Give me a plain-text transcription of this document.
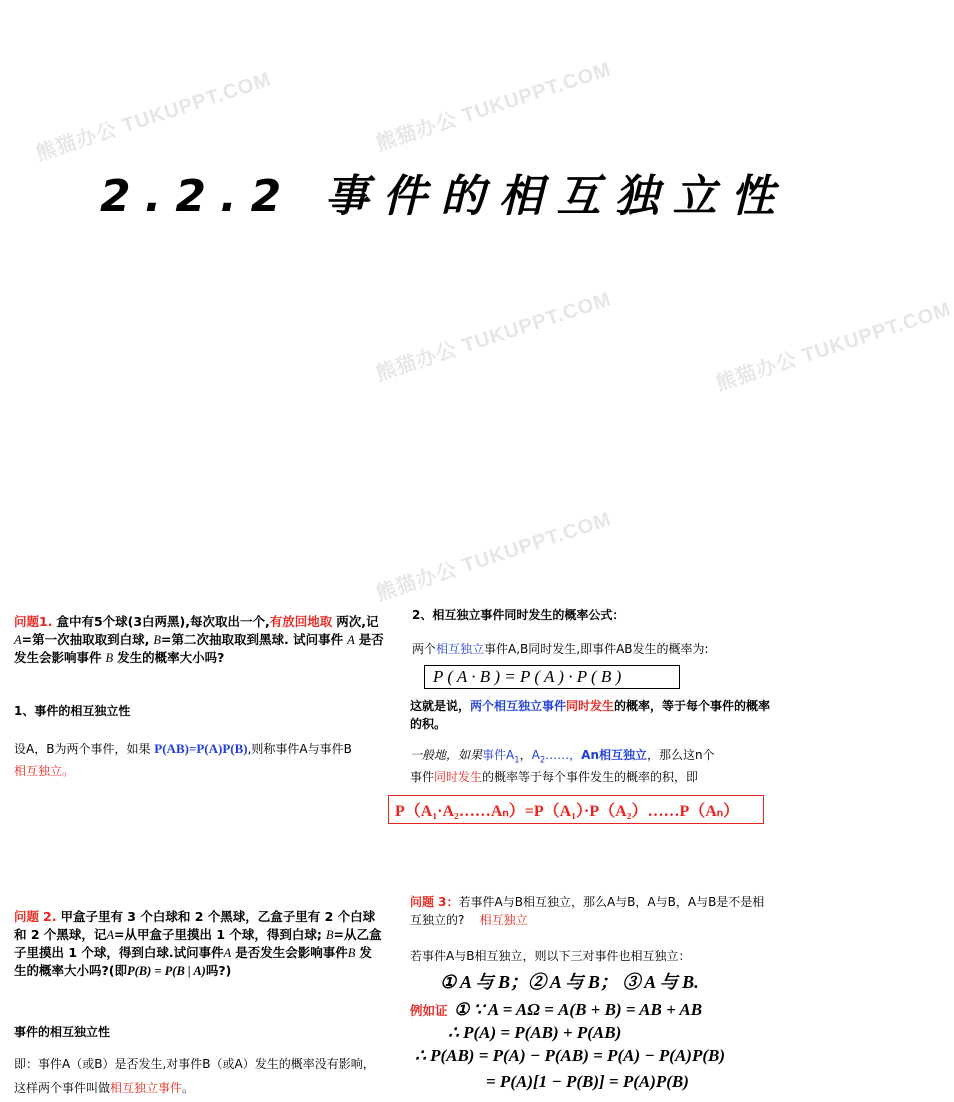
熊猫办公 TUKUPPT.COM	熊猫办公 TUKUPPT.COM
熊猫办公 TUKUPPT.COM
熊猫办公 TUKUPPT.COM
熊猫办公 TUKUPPT.COM
2.2.2 事件的相互独立性
问题1. 盒中有5个球(3白两黑),每次取出一个,有放回地取 两次,记 A=第一次抽取取到白球, B=第二次抽取取到黑球. 试问事件 A 是否发生会影响事件 B 发生的概率大小吗?
1、事件的相互独立性
设A，B为两个事件，如果 P(AB)=P(A)P(B),则称事件A与事件B
相互独立。
问题 2. 甲盒子里有 3 个白球和 2 个黑球，乙盒子里有 2 个白球和 2 个黑球，记A=从甲盒子里摸出 1 个球，得到白球; B=从乙盒子里摸出 1 个球，得到白球.试问事件A 是否发生会影响事件B 发生的概率大小吗?(即P(B) = P(B | A)吗?)
事件的相互独立性
即：事件A（或B）是否发生,对事件B（或A）发生的概率没有影响，这样两个事件叫做相互独立事件。
2、相互独立事件同时发生的概率公式：
两个相互独立事件A,B同时发生,即事件AB发生的概率为:
P ( A · B ) = P ( A ) · P ( B )
这就是说，两个相互独立事件同时发生的概率，等于每个事件的概率的积。
一般地，如果事件$A_1$，$A_2\dots\dots$，An相互独立，那么这n个
事件同时发生的概率等于每个事件发生的概率的积，即
P（A₁·A₂……Aₙ）=P（A₁）·P（A₂）……P（Aₙ）
问题 3：若事件A与B相互独立，那么A与B，A与B，A与B是不是相互独立的? 相互独立
若事件A与B相互独立，则以下三对事件也相互独立：
① A 与 B；② A 与 B； ③ A 与 B.
例如证 ① ∵ A = AΩ = A(B + B) = AB + AB
∴ P(A) = P(AB) + P(AB)
∴ P(AB) = P(A) − P(AB) = P(A) − P(A)P(B)
= P(A)[1 − P(B)] = P(A)P(B)
